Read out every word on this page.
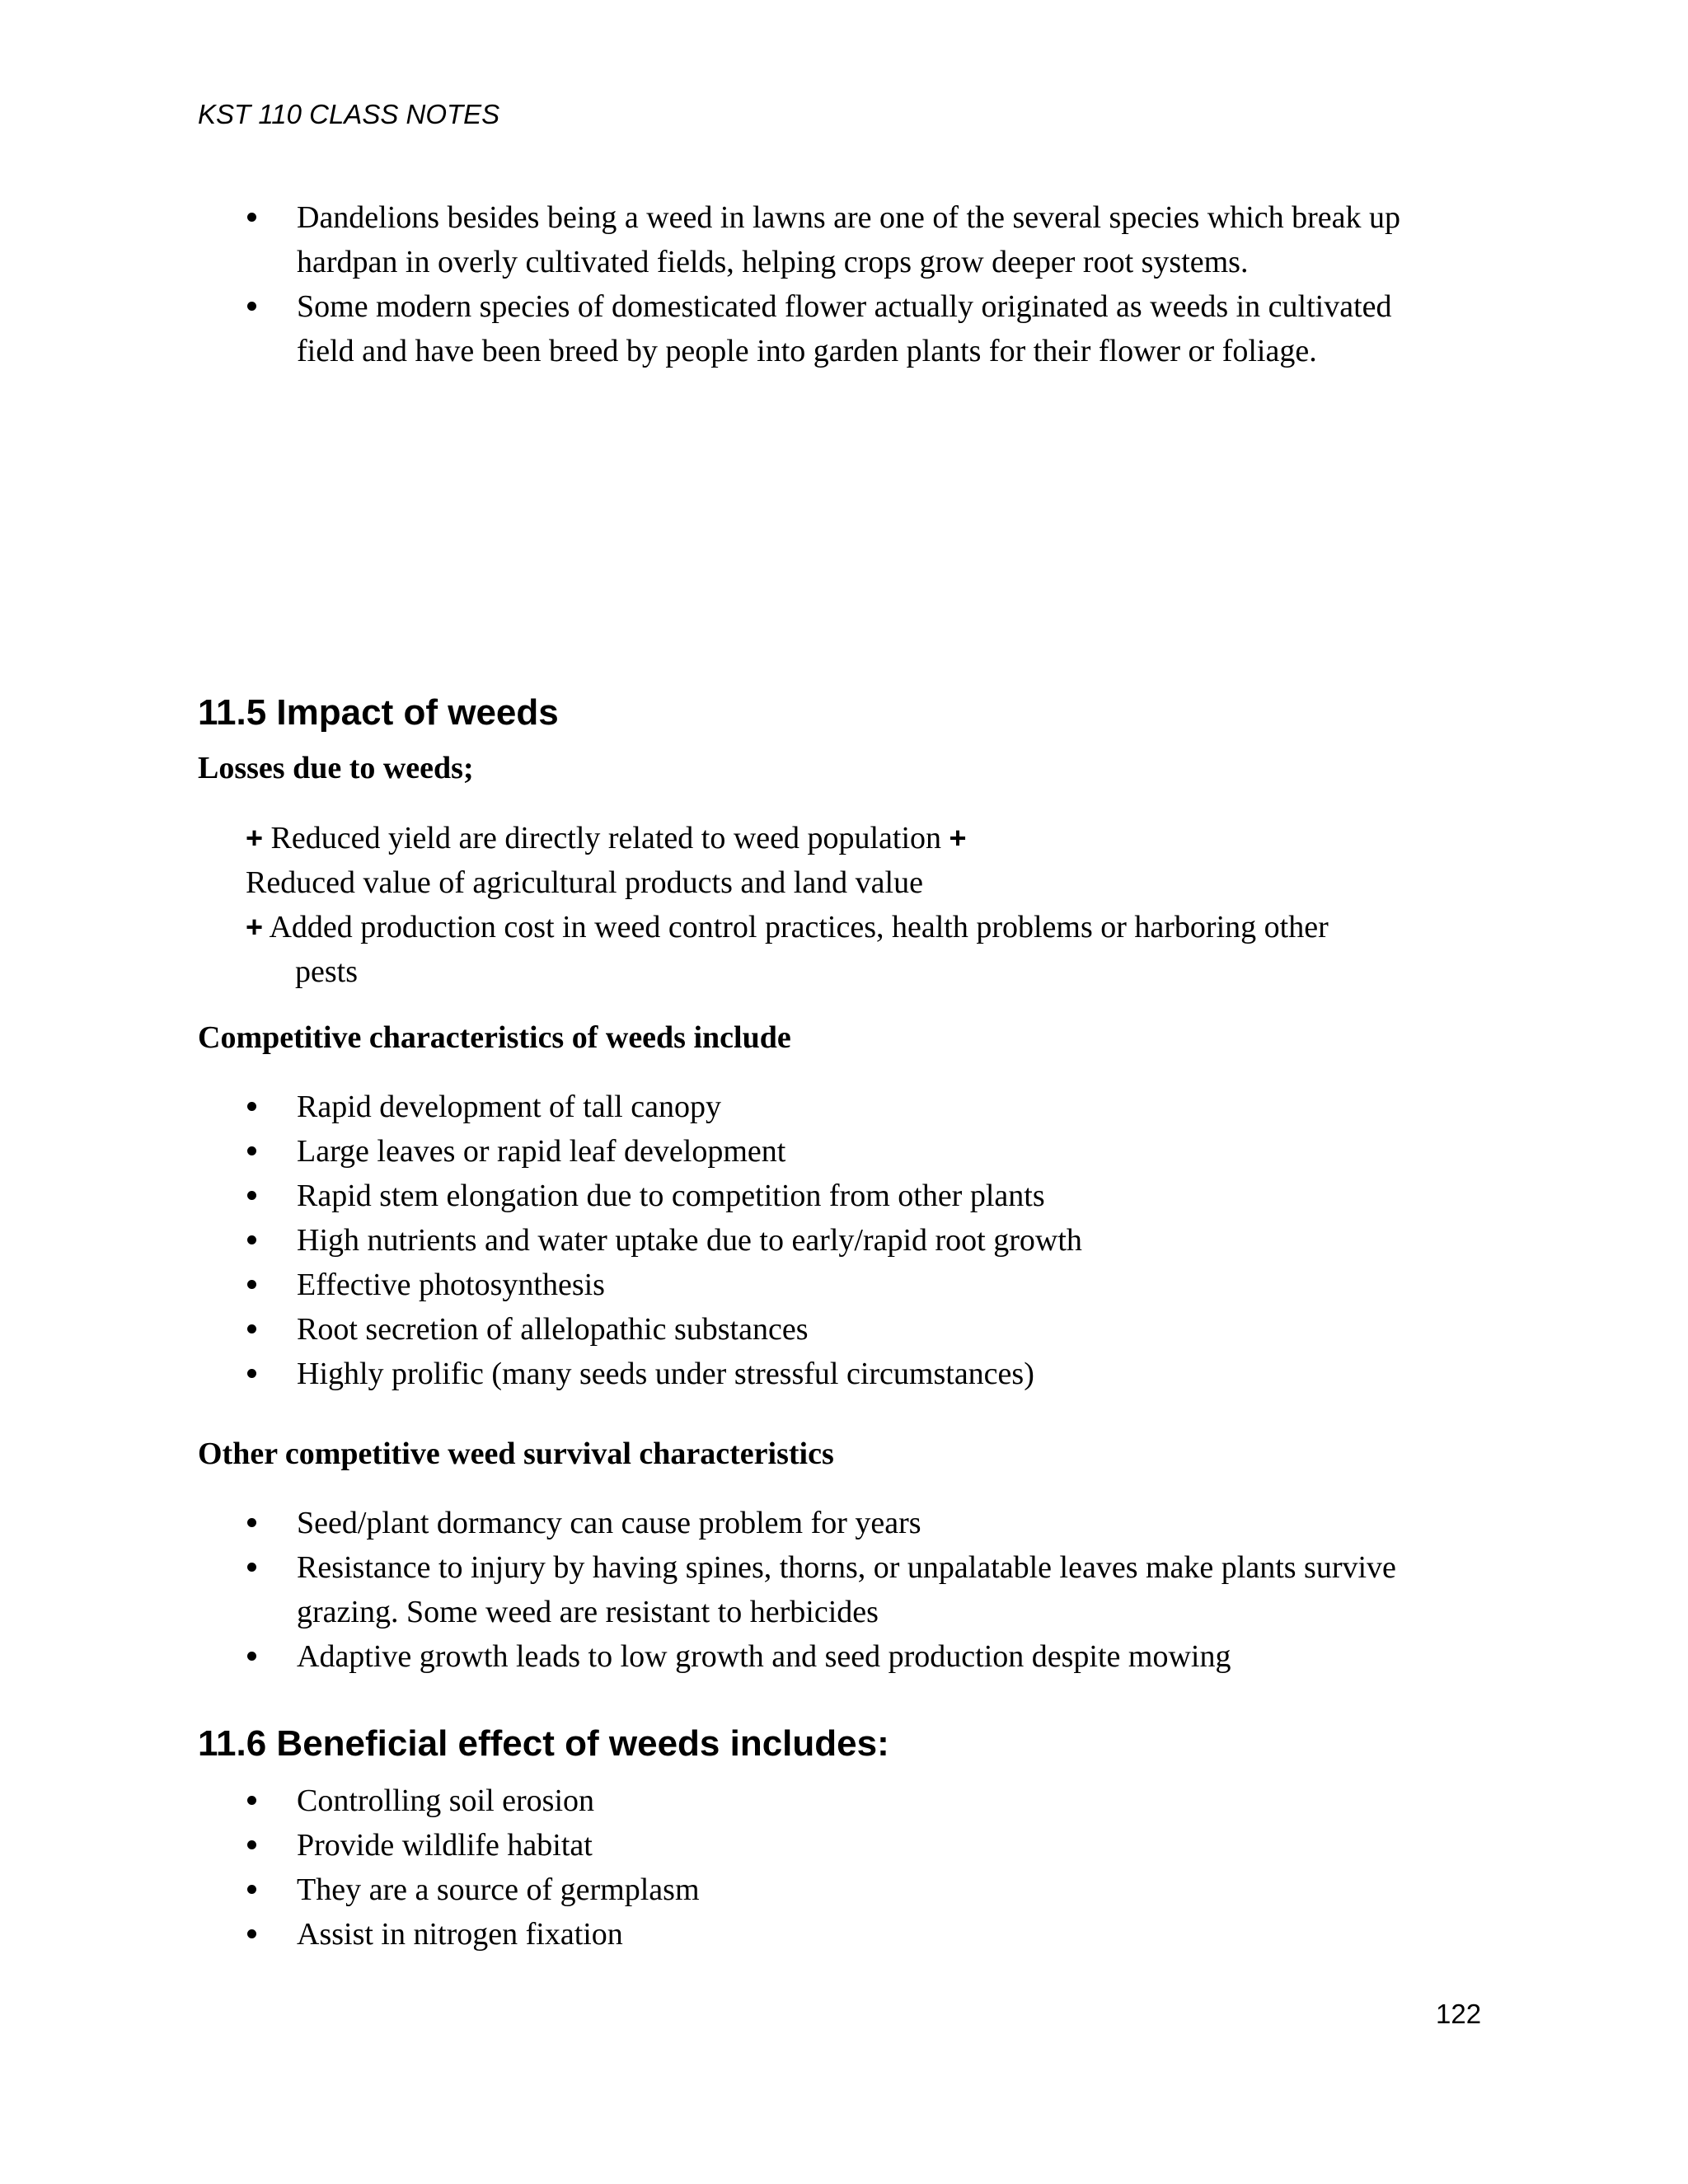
KST 110 CLASS NOTES
Dandelions besides being a weed in lawns are one of the several species which break up
hardpan in overly cultivated fields, helping crops grow deeper root systems.
Some modern species of domesticated flower actually originated as weeds in cultivated
field and have been breed by people into garden plants for their flower or foliage.
11.5 Impact of weeds
Losses due to weeds;
+ Reduced yield are directly related to weed population +
Reduced value of agricultural products and land value
+ Added production cost in weed control practices, health problems or harboring other
pests
Competitive characteristics of weeds include
Rapid development of tall canopy
Large leaves or rapid leaf development
Rapid stem elongation due to competition from other plants
High nutrients and water uptake due to early/rapid root growth
Effective photosynthesis
Root secretion of allelopathic substances
Highly prolific (many seeds under stressful circumstances)
Other competitive weed survival characteristics
Seed/plant dormancy can cause problem for years
Resistance to injury by having spines, thorns, or unpalatable leaves make plants survive
grazing. Some weed are resistant to herbicides
Adaptive growth leads to low growth and seed production despite mowing
11.6 Beneficial effect of weeds includes:
Controlling soil erosion
Provide wildlife habitat
They are a source of germplasm
Assist in nitrogen fixation
122
